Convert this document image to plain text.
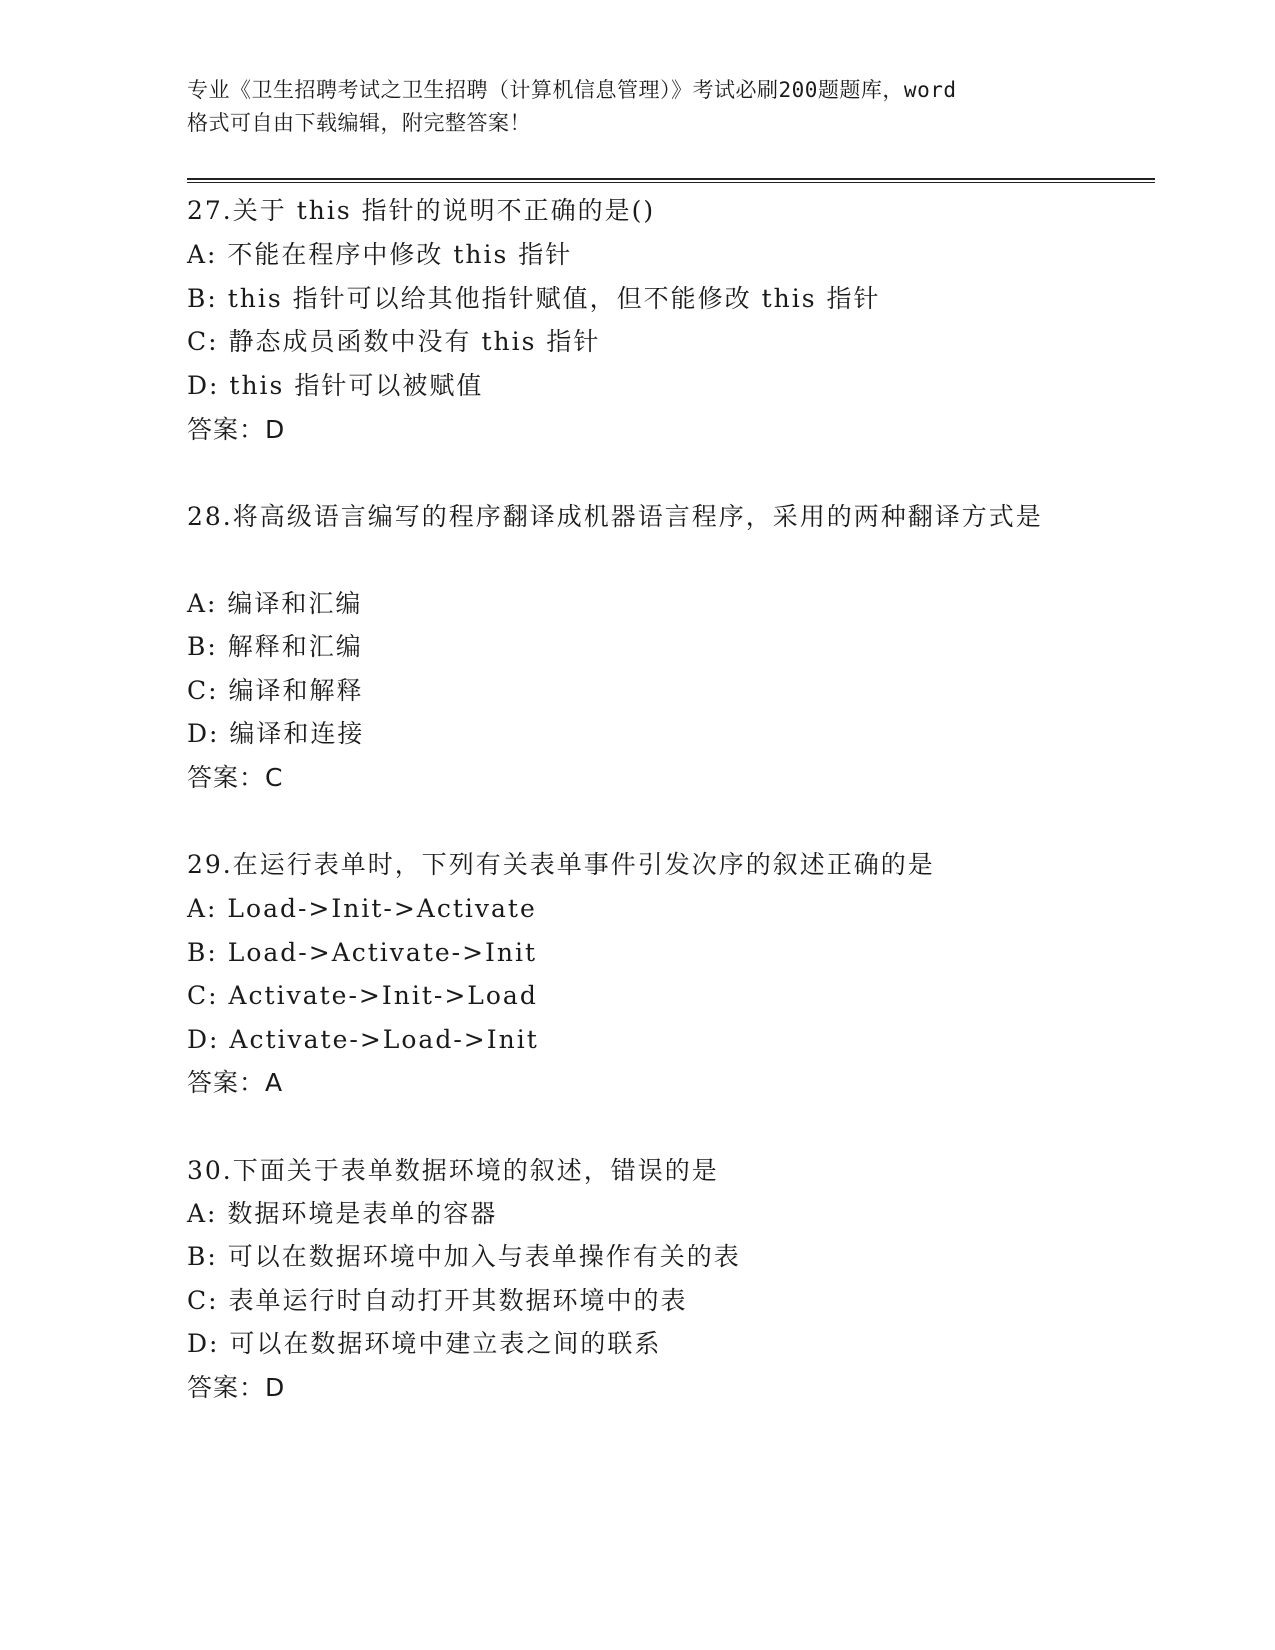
专业《卫生招聘考试之卫生招聘（计算机信息管理）》考试必刷200题题库，word
格式可自由下载编辑，附完整答案！
27.关于 this 指针的说明不正确的是()
A: 不能在程序中修改 this 指针
B: this 指针可以给其他指针赋值，但不能修改 this 指针
C: 静态成员函数中没有 this 指针
D: this 指针可以被赋值
答案：D
28.将高级语言编写的程序翻译成机器语言程序，采用的两种翻译方式是
A: 编译和汇编
B: 解释和汇编
C: 编译和解释
D: 编译和连接
答案：C
29.在运行表单时，下列有关表单事件引发次序的叙述正确的是
A: Load->Init->Activate
B: Load->Activate->Init
C: Activate->Init->Load
D: Activate->Load->Init
答案：A
30.下面关于表单数据环境的叙述，错误的是
A: 数据环境是表单的容器
B: 可以在数据环境中加入与表单操作有关的表
C: 表单运行时自动打开其数据环境中的表
D: 可以在数据环境中建立表之间的联系
答案：D
